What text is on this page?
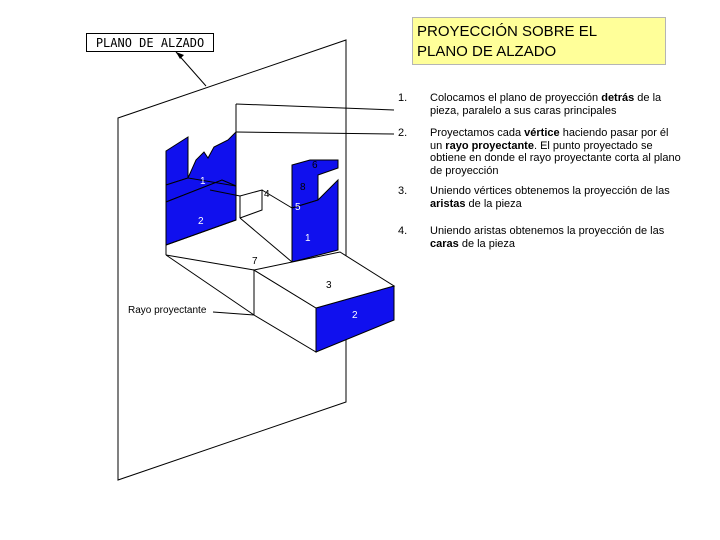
1
2
4
5
6
8
1
7
3
2
Rayo proyectante
PLANO DE ALZADO
PROYECCIÓN SOBRE EL
PLANO DE ALZADO
1. Colocamos el plano de proyección detrás de la pieza, paralelo a sus caras principales
2. Proyectamos cada vértice haciendo pasar por él un rayo proyectante. El punto proyectado se obtiene en donde el rayo proyectante corta al plano de proyección
3. Uniendo vértices obtenemos la proyección de las aristas de la pieza
4. Uniendo aristas obtenemos la proyección de las caras de la pieza
